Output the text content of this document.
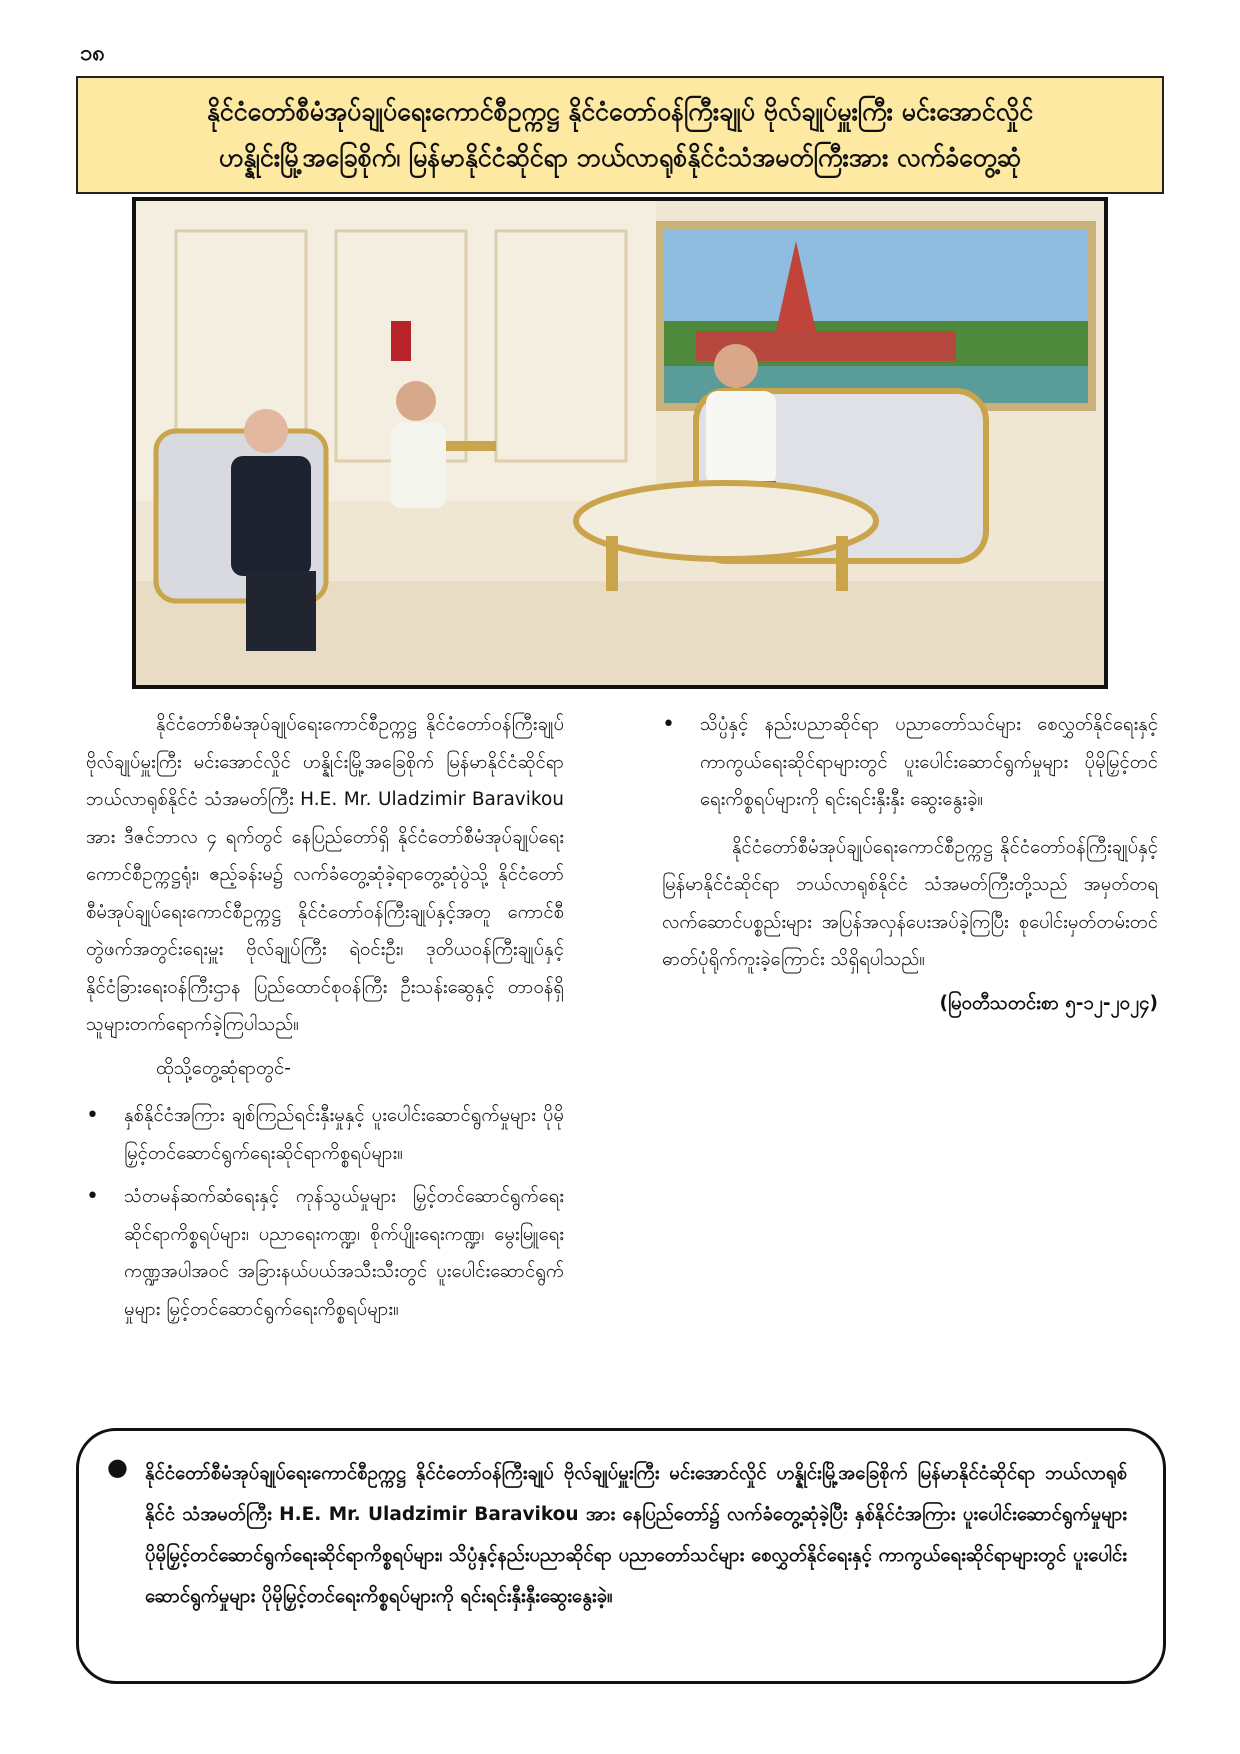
၁၈
နိုင်ငံတော်စီမံအုပ်ချုပ်ရေးကောင်စီဥက္ကဋ္ဌ နိုင်ငံတော်ဝန်ကြီးချုပ် ဗိုလ်ချုပ်မှူးကြီး မင်းအောင်လှိုင်
ဟန္နိုင်းမြို့အခြေစိုက်၊ မြန်မာနိုင်ငံဆိုင်ရာ ဘယ်လာရုစ်နိုင်ငံသံအမတ်ကြီးအား လက်ခံတွေ့ဆုံ

နိုင်ငံတော်စီမံအုပ်ချုပ်ရေးကောင်စီဥက္ကဋ္ဌ နိုင်ငံတော်ဝန်ကြီးချုပ် ဗိုလ်ချုပ်မှူးကြီး မင်းအောင်လှိုင် ဟန္နိုင်းမြို့အခြေစိုက် မြန်မာနိုင်ငံဆိုင်ရာ ဘယ်လာရုစ်နိုင်ငံ သံအမတ်ကြီး H.E. Mr. Uladzimir Baravikou အား ဒီဇင်ဘာလ ၄ ရက်တွင် နေပြည်တော်ရှိ နိုင်ငံတော်စီမံအုပ်ချုပ်ရေးကောင်စီဥက္ကဋ္ဌရုံး၊ ဧည့်ခန်းမ၌ လက်ခံတွေ့ဆုံခဲ့ရာတွေ့ဆုံပွဲသို့ နိုင်ငံတော်စီမံအုပ်ချုပ်ရေးကောင်စီဥက္ကဋ္ဌ နိုင်ငံတော်ဝန်ကြီးချုပ်နှင့်အတူ ကောင်စီတွဲဖက်အတွင်းရေးမှူး ဗိုလ်ချုပ်ကြီး ရဲဝင်းဦး၊ ဒုတိယဝန်ကြီးချုပ်နှင့် နိုင်ငံခြားရေးဝန်ကြီးဌာန ပြည်ထောင်စုဝန်ကြီး ဦးသန်းဆွေနှင့် တာဝန်ရှိသူများတက်ရောက်ခဲ့ကြပါသည်။

ထိုသို့တွေ့ဆုံရာတွင်-

• နှစ်နိုင်ငံအကြား ချစ်ကြည်ရင်းနှီးမှုနှင့် ပူးပေါင်းဆောင်ရွက်မှုများ ပိုမိုမြှင့်တင်ဆောင်ရွက်ရေးဆိုင်ရာကိစ္စရပ်များ။
• သံတမန်ဆက်ဆံရေးနှင့် ကုန်သွယ်မှုများ မြှင့်တင်ဆောင်ရွက်ရေးဆိုင်ရာကိစ္စရပ်များ၊ ပညာရေးကဏ္ဍ၊ စိုက်ပျိုးရေးကဏ္ဍ၊ မွေးမြူရေးကဏ္ဍအပါအဝင် အခြားနယ်ပယ်အသီးသီးတွင် ပူးပေါင်းဆောင်ရွက်မှုများ မြှင့်တင်ဆောင်ရွက်ရေးကိစ္စရပ်များ။
• သိပ္ပံနှင့် နည်းပညာဆိုင်ရာ ပညာတော်သင်များ စေလွှတ်နိုင်ရေးနှင့် ကာကွယ်ရေးဆိုင်ရာများတွင် ပူးပေါင်းဆောင်ရွက်မှုများ ပိုမိုမြှင့်တင်ရေးကိစ္စရပ်များကို ရင်းရင်းနှီးနှီး ဆွေးနွေးခဲ့။

နိုင်ငံတော်စီမံအုပ်ချုပ်ရေးကောင်စီဥက္ကဋ္ဌ နိုင်ငံတော်ဝန်ကြီးချုပ်နှင့် မြန်မာနိုင်ငံဆိုင်ရာ ဘယ်လာရုစ်နိုင်ငံ သံအမတ်ကြီးတို့သည် အမှတ်တရလက်ဆောင်ပစ္စည်းများ အပြန်အလှန်ပေးအပ်ခဲ့ကြပြီး စုပေါင်းမှတ်တမ်းတင် ဓာတ်ပုံရိုက်ကူးခဲ့ကြောင်း သိရှိရပါသည်။

(မြဝတီသတင်းစာ ၅-၁၂-၂၀၂၄)

● နိုင်ငံတော်စီမံအုပ်ချုပ်ရေးကောင်စီဥက္ကဋ္ဌ နိုင်ငံတော်ဝန်ကြီးချုပ် ဗိုလ်ချုပ်မှူးကြီး မင်းအောင်လှိုင် ဟန္နိုင်းမြို့အခြေစိုက် မြန်မာနိုင်ငံဆိုင်ရာ ဘယ်လာရုစ်နိုင်ငံ သံအမတ်ကြီး H.E. Mr. Uladzimir Baravikou အား နေပြည်တော်၌ လက်ခံတွေ့ဆုံခဲ့ပြီး နှစ်နိုင်ငံအကြား ပူးပေါင်းဆောင်ရွက်မှုများ ပိုမိုမြှင့်တင်ဆောင်ရွက်ရေးဆိုင်ရာကိစ္စရပ်များ၊ သိပ္ပံနှင့်နည်းပညာဆိုင်ရာ ပညာတော်သင်များ စေလွှတ်နိုင်ရေးနှင့် ကာကွယ်ရေးဆိုင်ရာများတွင် ပူးပေါင်းဆောင်ရွက်မှုများ ပိုမိုမြှင့်တင်ရေးကိစ္စရပ်များကို ရင်းရင်းနှီးနှီးဆွေးနွေးခဲ့။
